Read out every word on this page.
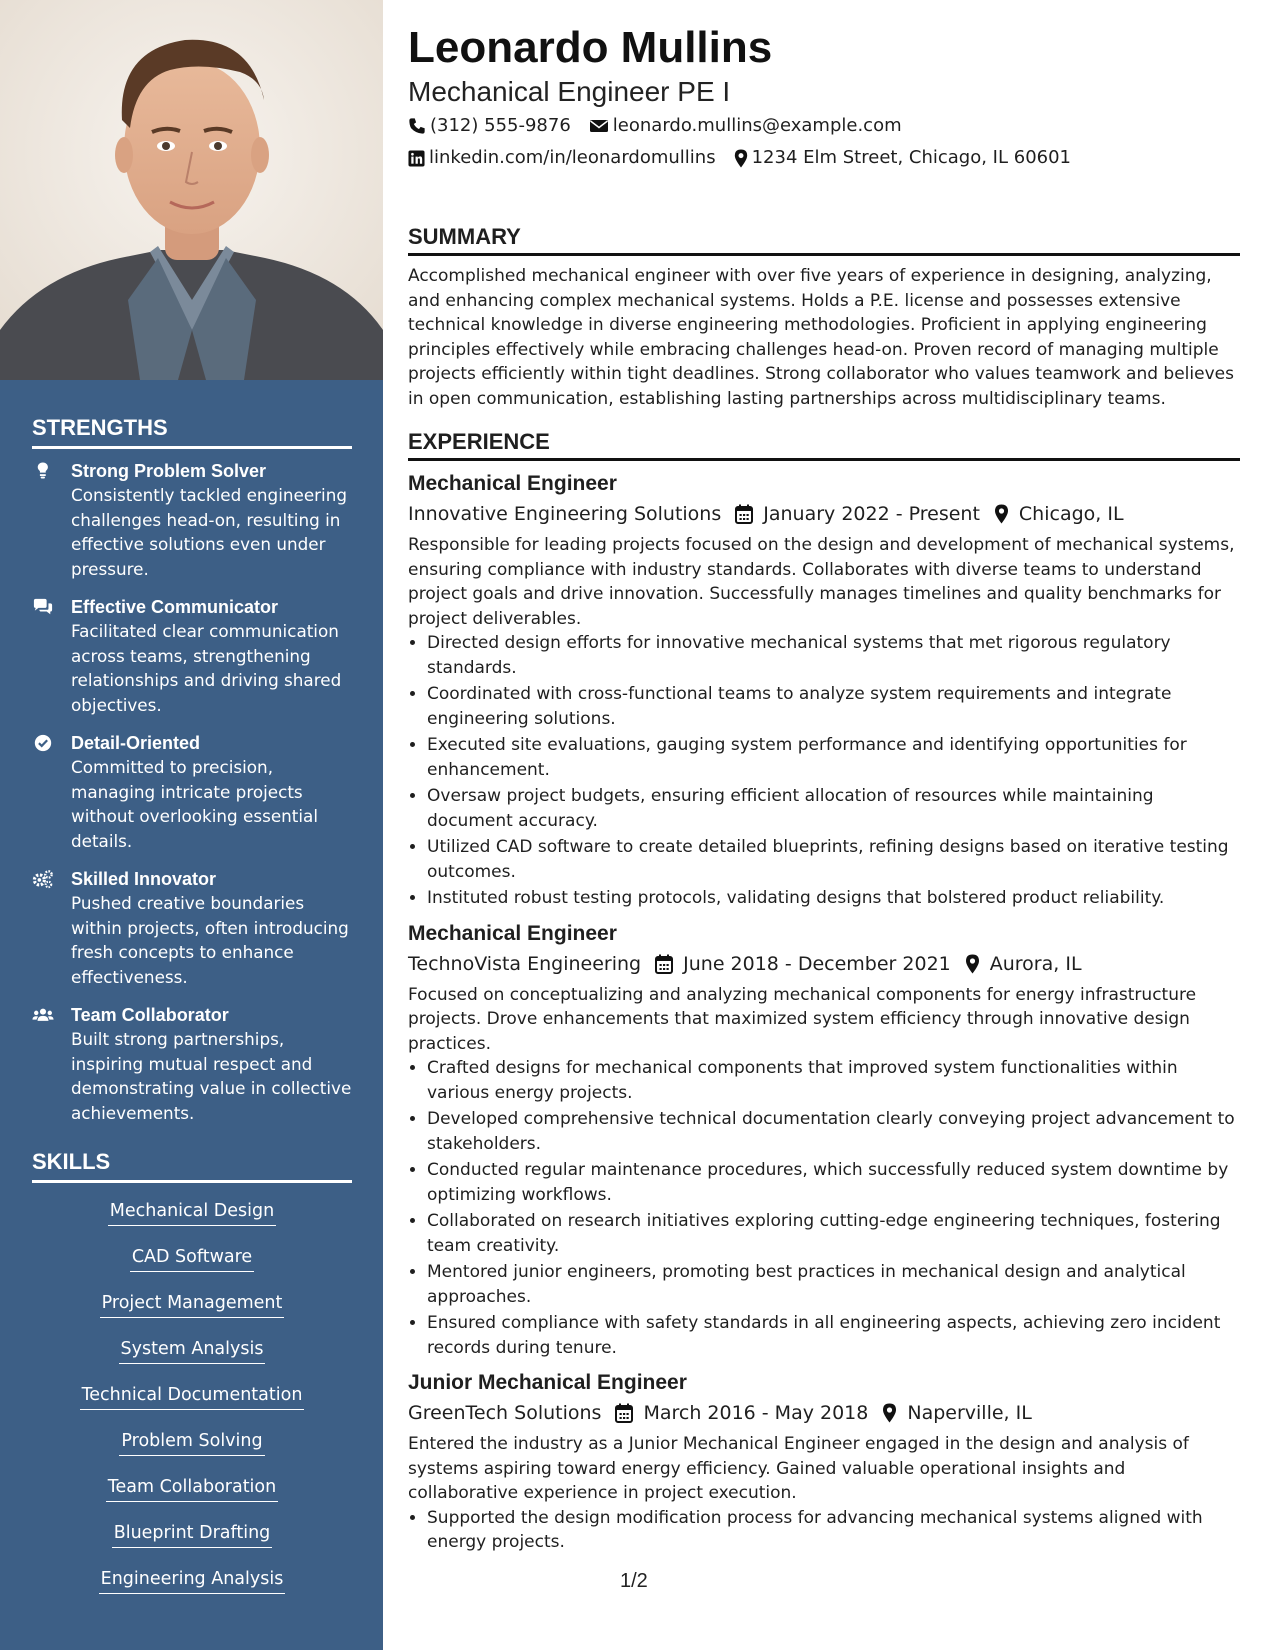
STRENGTHS
Strong Problem Solver
Consistently tackled engineering challenges head-on, resulting in effective solutions even under pressure.
Effective Communicator
Facilitated clear communication across teams, strengthening relationships and driving shared objectives.
Detail-Oriented
Committed to precision, managing intricate projects without overlooking essential details.
Skilled Innovator
Pushed creative boundaries within projects, often introducing fresh concepts to enhance effectiveness.
Team Collaborator
Built strong partnerships, inspiring mutual respect and demonstrating value in collective achievements.
SKILLS
Mechanical Design
CAD Software
Project Management
System Analysis
Technical Documentation
Problem Solving
Team Collaboration
Blueprint Drafting
Engineering Analysis
Leonardo Mullins
Mechanical Engineer PE I
(312) 555-9876 leonardo.mullins@example.com
linkedin.com/in/leonardomullins 1234 Elm Street, Chicago, IL 60601
SUMMARY
Accomplished mechanical engineer with over five years of experience in designing, analyzing, and enhancing complex mechanical systems. Holds a P.E. license and possesses extensive technical knowledge in diverse engineering methodologies. Proficient in applying engineering principles effectively while embracing challenges head-on. Proven record of managing multiple projects efficiently within tight deadlines. Strong collaborator who values teamwork and believes in open communication, establishing lasting partnerships across multidisciplinary teams.
EXPERIENCE
Mechanical Engineer
Innovative Engineering Solutions January 2022 - Present Chicago, IL
Responsible for leading projects focused on the design and development of mechanical systems, ensuring compliance with industry standards. Collaborates with diverse teams to understand project goals and drive innovation. Successfully manages timelines and quality benchmarks for project deliverables.
• Directed design efforts for innovative mechanical systems that met rigorous regulatory standards.
• Coordinated with cross-functional teams to analyze system requirements and integrate engineering solutions.
• Executed site evaluations, gauging system performance and identifying opportunities for enhancement.
• Oversaw project budgets, ensuring efficient allocation of resources while maintaining document accuracy.
• Utilized CAD software to create detailed blueprints, refining designs based on iterative testing outcomes.
• Instituted robust testing protocols, validating designs that bolstered product reliability.
Mechanical Engineer
TechnoVista Engineering June 2018 - December 2021 Aurora, IL
Focused on conceptualizing and analyzing mechanical components for energy infrastructure projects. Drove enhancements that maximized system efficiency through innovative design practices.
• Crafted designs for mechanical components that improved system functionalities within various energy projects.
• Developed comprehensive technical documentation clearly conveying project advancement to stakeholders.
• Conducted regular maintenance procedures, which successfully reduced system downtime by optimizing workflows.
• Collaborated on research initiatives exploring cutting-edge engineering techniques, fostering team creativity.
• Mentored junior engineers, promoting best practices in mechanical design and analytical approaches.
• Ensured compliance with safety standards in all engineering aspects, achieving zero incident records during tenure.
Junior Mechanical Engineer
GreenTech Solutions March 2016 - May 2018 Naperville, IL
Entered the industry as a Junior Mechanical Engineer engaged in the design and analysis of systems aspiring toward energy efficiency. Gained valuable operational insights and collaborative experience in project execution.
• Supported the design modification process for advancing mechanical systems aligned with energy projects.
1/2
